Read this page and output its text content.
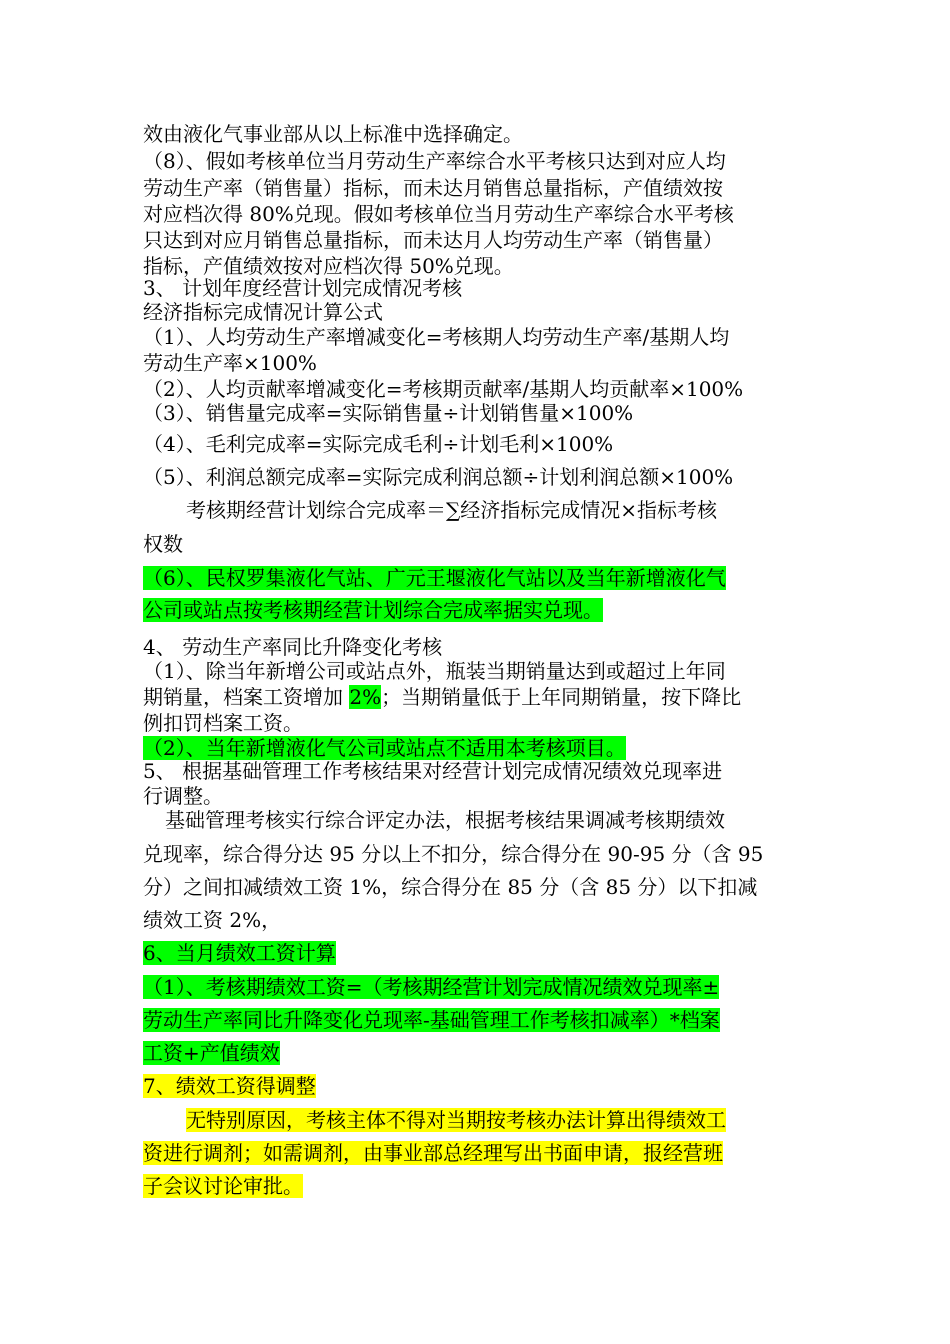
效由液化气事业部从以上标准中选择确定。
（8）、假如考核单位当月劳动生产率综合水平考核只达到对应人均
劳动生产率（销售量）指标，而未达月销售总量指标，产值绩效按
对应档次得 80%兑现。假如考核单位当月劳动生产率综合水平考核
只达到对应月销售总量指标，而未达月人均劳动生产率（销售量）
指标，产值绩效按对应档次得 50%兑现。
3、 计划年度经营计划完成情况考核
经济指标完成情况计算公式
（1）、人均劳动生产率增减变化=考核期人均劳动生产率/基期人均
劳动生产率×100%
（2）、人均贡献率增减变化=考核期贡献率/基期人均贡献率×100%
（3）、销售量完成率=实际销售量÷计划销售量×100%
（4）、毛利完成率=实际完成毛利÷计划毛利×100%
（5）、利润总额完成率=实际完成利润总额÷计划利润总额×100%
考核期经营计划综合完成率＝∑经济指标完成情况×指标考核
权数
（6）、民权罗集液化气站、广元王堰液化气站以及当年新增液化气
公司或站点按考核期经营计划综合完成率据实兑现。
4、 劳动生产率同比升降变化考核
（1）、除当年新增公司或站点外，瓶装当期销量达到或超过上年同
期销量，档案工资增加 2%；当期销量低于上年同期销量，按下降比
例扣罚档案工资。
（2）、当年新增液化气公司或站点不适用本考核项目。
5、 根据基础管理工作考核结果对经营计划完成情况绩效兑现率进
行调整。
基础管理考核实行综合评定办法，根据考核结果调减考核期绩效
兑现率，综合得分达 95 分以上不扣分，综合得分在 90-95 分（含 95
分）之间扣减绩效工资 1%，综合得分在 85 分（含 85 分）以下扣减
绩效工资 2%，
6、当月绩效工资计算
（1）、考核期绩效工资=（考核期经营计划完成情况绩效兑现率±
劳动生产率同比升降变化兑现率-基础管理工作考核扣减率）*档案
工资+产值绩效
7、绩效工资得调整
无特别原因，考核主体不得对当期按考核办法计算出得绩效工
资进行调剂；如需调剂，由事业部总经理写出书面申请，报经营班
子会议讨论审批。
